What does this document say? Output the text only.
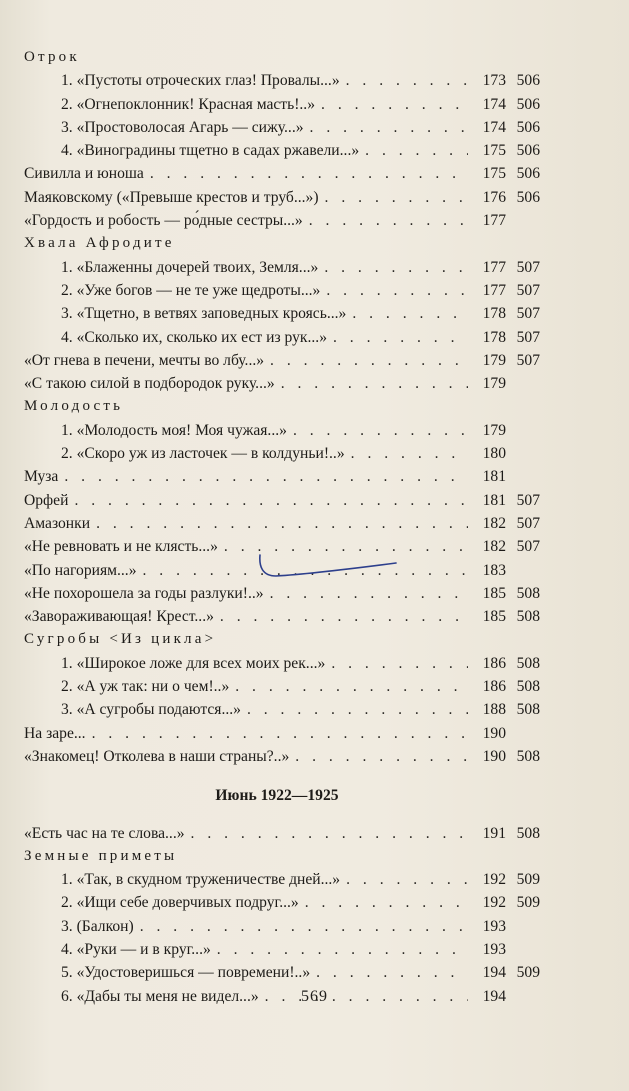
Отрок
1. «Пустоты отроческих глаз! Провалы...» . . .	173 506
2. «Огнепоклонник! Красная масть!..» . . .	174 506
3. «Простоволосая Агарь — сижу...» . . .	174 506
4. «Виноградины тщетно в садах ржавели...» . . .	175 506
Сивилла и юноша . . .	175 506
Маяковскому («Превыше крестов и труб...») . . .	176 506
«Гордость и робость — ро́дные сестры...» . . .	177
Хвала Афродите
1. «Блаженны дочерей твоих, Земля...» . . .	177 507
2. «Уже богов — не те уже щедроты...» . . .	177 507
3. «Тщетно, в ветвях заповедных кроясь...» . . .	178 507
4. «Сколько их, сколько их ест из рук...» . . .	178 507
«От гнева в печени, мечты во лбу...» . . .	179 507
«С такою силой в подбородок руку...» . . .	179
Молодость
1. «Молодость моя! Моя чужая...» . . .	179
2. «Скоро уж из ласточек — в колдуньи!..» . . .	180
Муза . . .	181
Орфей . . .	181 507
Амазонки . . .	182 507
«Не ревновать и не клясть...» . . .	182 507
«По нагориям...» . . .	183
«Не похорошела за годы разлуки!..» . . .	185 508
«Завораживающая! Крест...» . . .	185 508
Сугробы <Из цикла>
1. «Широкое ложе для всех моих рек...» . . .	186 508
2. «А уж так: ни о чем!..» . . .	186 508
3. «А сугробы подаются...» . . .	188 508
На заре... . . .	190
«Знакомец! Отколева в наши страны?..» . . .	190 508
Июнь 1922—1925
«Есть час на те слова...» . . .	191 508
Земные приметы
1. «Так, в скудном труженичестве дней...» . . .	192 509
2. «Ищи себе доверчивых подруг...» . . .	192 509
3. (Балкон) . . .	193
4. «Руки — и в круг...» . . .	193
5. «Удостоверишься — повремени!..» . . .	194 509
6. «Дабы ты меня не видел...» . . .	194
569
